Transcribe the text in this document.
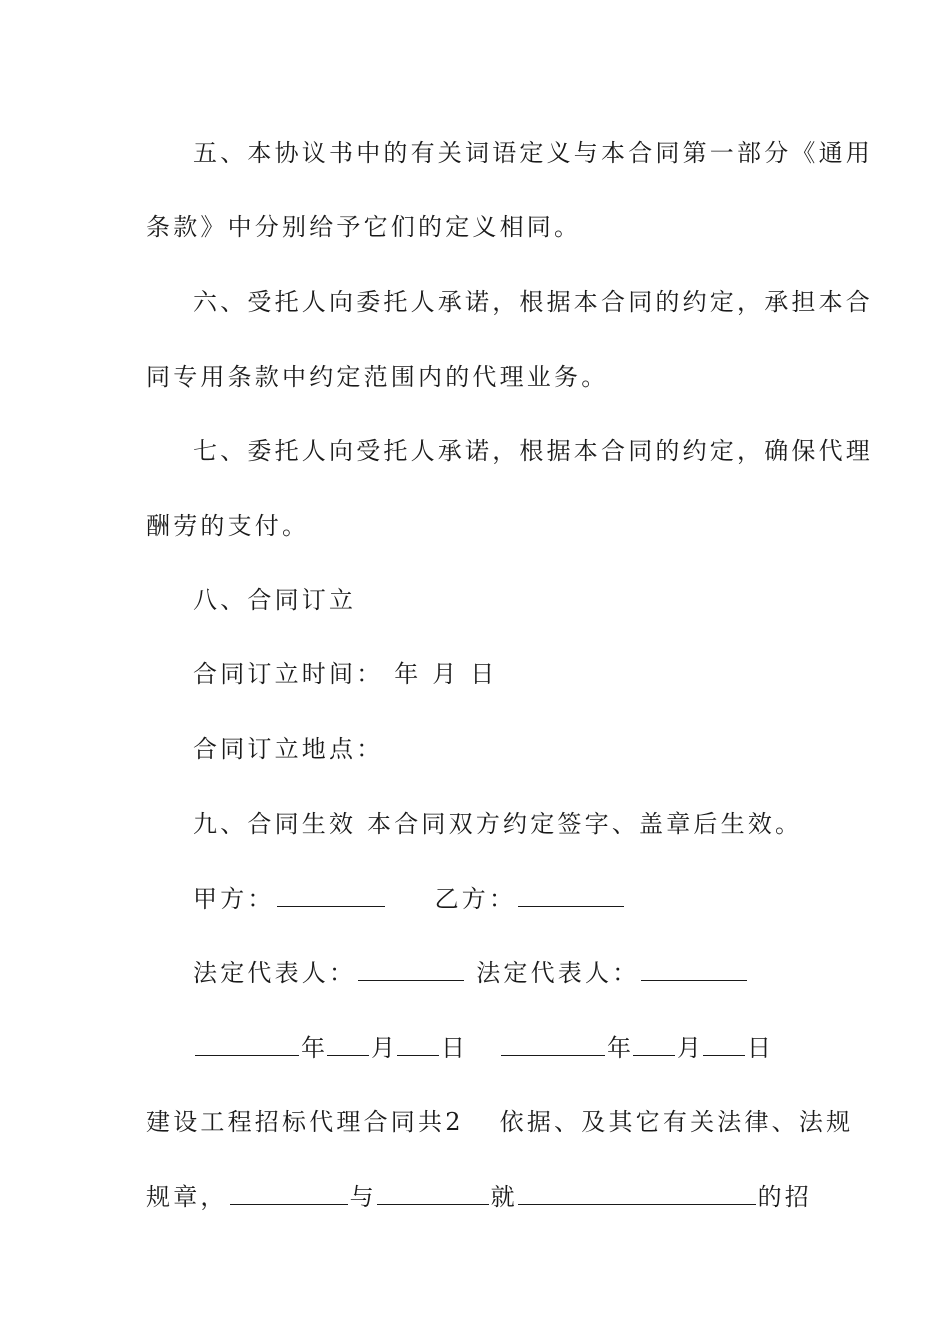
五、本协议书中的有关词语定义与本合同第一部分《通用
条款》中分别给予它们的定义相同。
六、受托人向委托人承诺，根据本合同的约定，承担本合
同专用条款中约定范围内的代理业务。
七、委托人向受托人承诺，根据本合同的约定，确保代理
酬劳的支付。
八、合同订立
合同订立时间： 年 月 日
合同订立地点：
九、合同生效 本合同双方约定签字、盖章后生效。
甲方：	乙方：
法定代表人：	法定代表人：
年 月 日	年 月 日
建设工程招标代理合同共2 依据、及其它有关法律、法规
规章，	与	就	的招
